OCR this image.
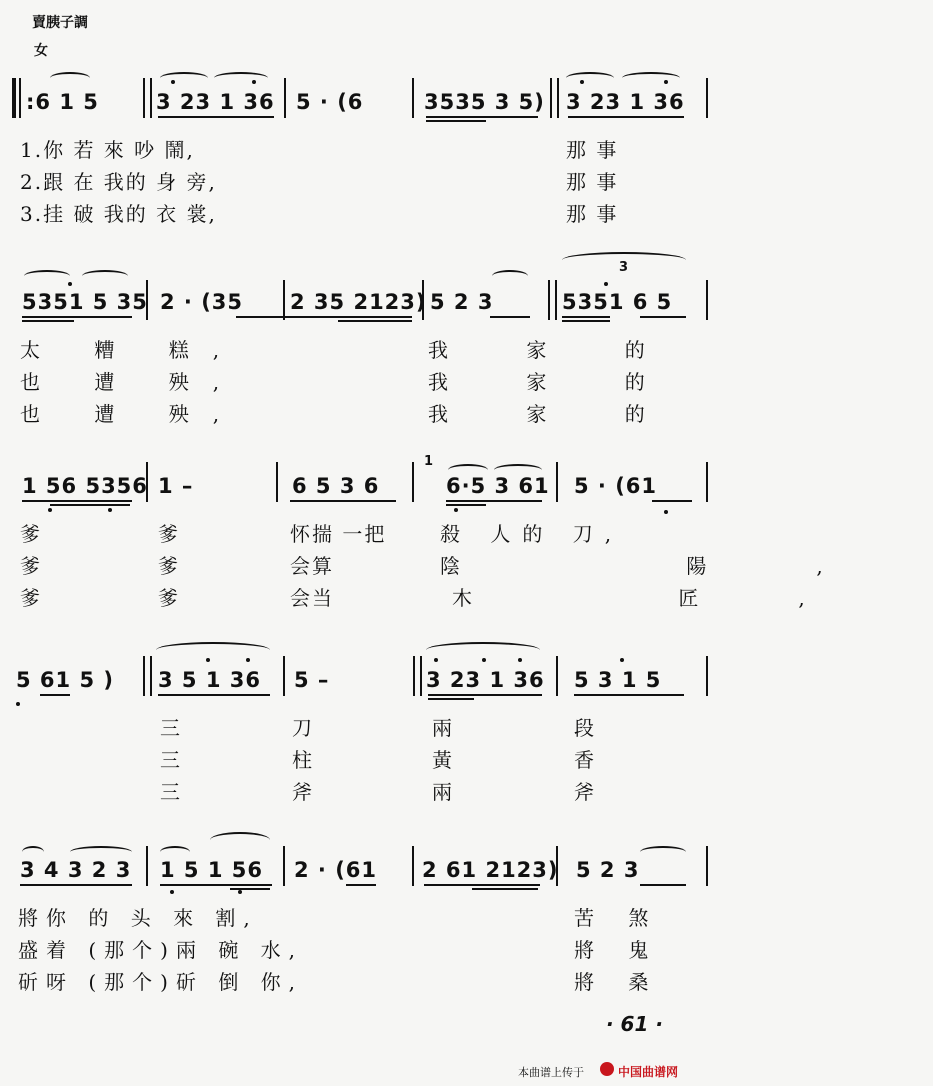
賣胰子調
女
:6 1 5	3 23 1 36 5 · (6	3535 3 5) 3 23 1 36
1.你 若 來 吵 鬧,	那 事
2.跟 在 我的 身 旁,	那 事
3.挂 破 我的 衣 裳,	那 事
5351 5 35 2 · (35 2 35 2123) 5 2 3	5351 6 5
3
太 糟 糕,	我 家 的
也 遭 殃,	我 家 的
也 遭 殃,	我 家 的
1 56 5356 1 –	6 5 3 6	6·5 3 61 5 · (61
1
爹	爹	怀揣 一把	殺 人的 刀,
爹	爹	会算	陰 陽,
爹	爹	会当	木 匠,
5 61 5 ) 3 5 1 36 5 –	3 23 1 36 5 3 1 5
三	刀	兩	段
三	柱	黃	香
三	斧	兩	斧
3 4 3 2 3 1 5 1 56 2 · (61 2 61 2123) 5 2 3
將你 的 头 來 割,	苦 煞
盛着 (那个)兩 碗 水,	將 鬼
斫呀 (那个)斫 倒 你,	將 桑
· 61 ·
本曲谱上传于	中国曲谱网
